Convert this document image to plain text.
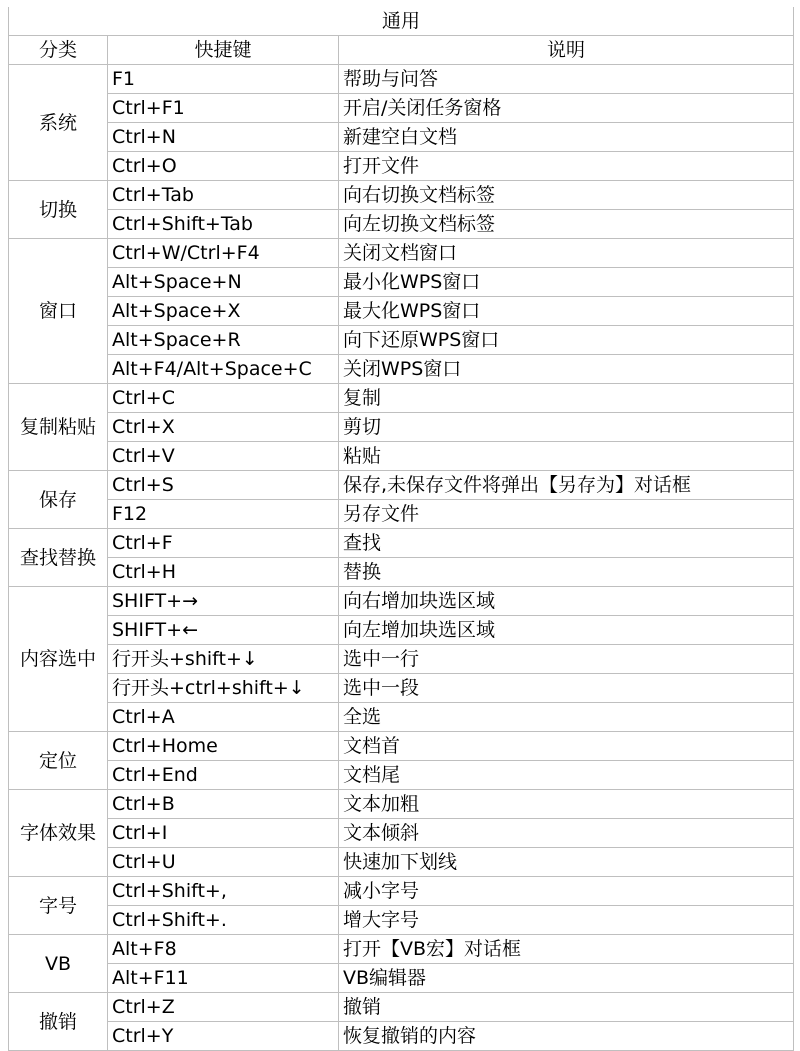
通用		
分类	快捷键	说明
系统	F1	帮助与问答
	Ctrl+F1	开启/关闭任务窗格
	Ctrl+N	新建空白文档
	Ctrl+O	打开文件
切换	Ctrl+Tab	向右切换文档标签
	Ctrl+Shift+Tab	向左切换文档标签
窗口	Ctrl+W/Ctrl+F4	关闭文档窗口
	Alt+Space+N	最小化WPS窗口
	Alt+Space+X	最大化WPS窗口
	Alt+Space+R	向下还原WPS窗口
	Alt+F4/Alt+Space+C	关闭WPS窗口
复制粘贴	Ctrl+C	复制
	Ctrl+X	剪切
	Ctrl+V	粘贴
保存	Ctrl+S	保存,未保存文件将弹出【另存为】对话框
	F12	另存文件
查找替换	Ctrl+F	查找
	Ctrl+H	替换
内容选中	SHIFT+→	向右增加块选区域
	SHIFT+←	向左增加块选区域
	行开头+shift+↓	选中一行
	行开头+ctrl+shift+↓	选中一段
	Ctrl+A	全选
定位	Ctrl+Home	文档首
	Ctrl+End	文档尾
字体效果	Ctrl+B	文本加粗
	Ctrl+I	文本倾斜
	Ctrl+U	快速加下划线
字号	Ctrl+Shift+,	减小字号
	Ctrl+Shift+.	增大字号
VB	Alt+F8	打开【VB宏】对话框
	Alt+F11	VB编辑器
撤销	Ctrl+Z	撤销
	Ctrl+Y	恢复撤销的内容
